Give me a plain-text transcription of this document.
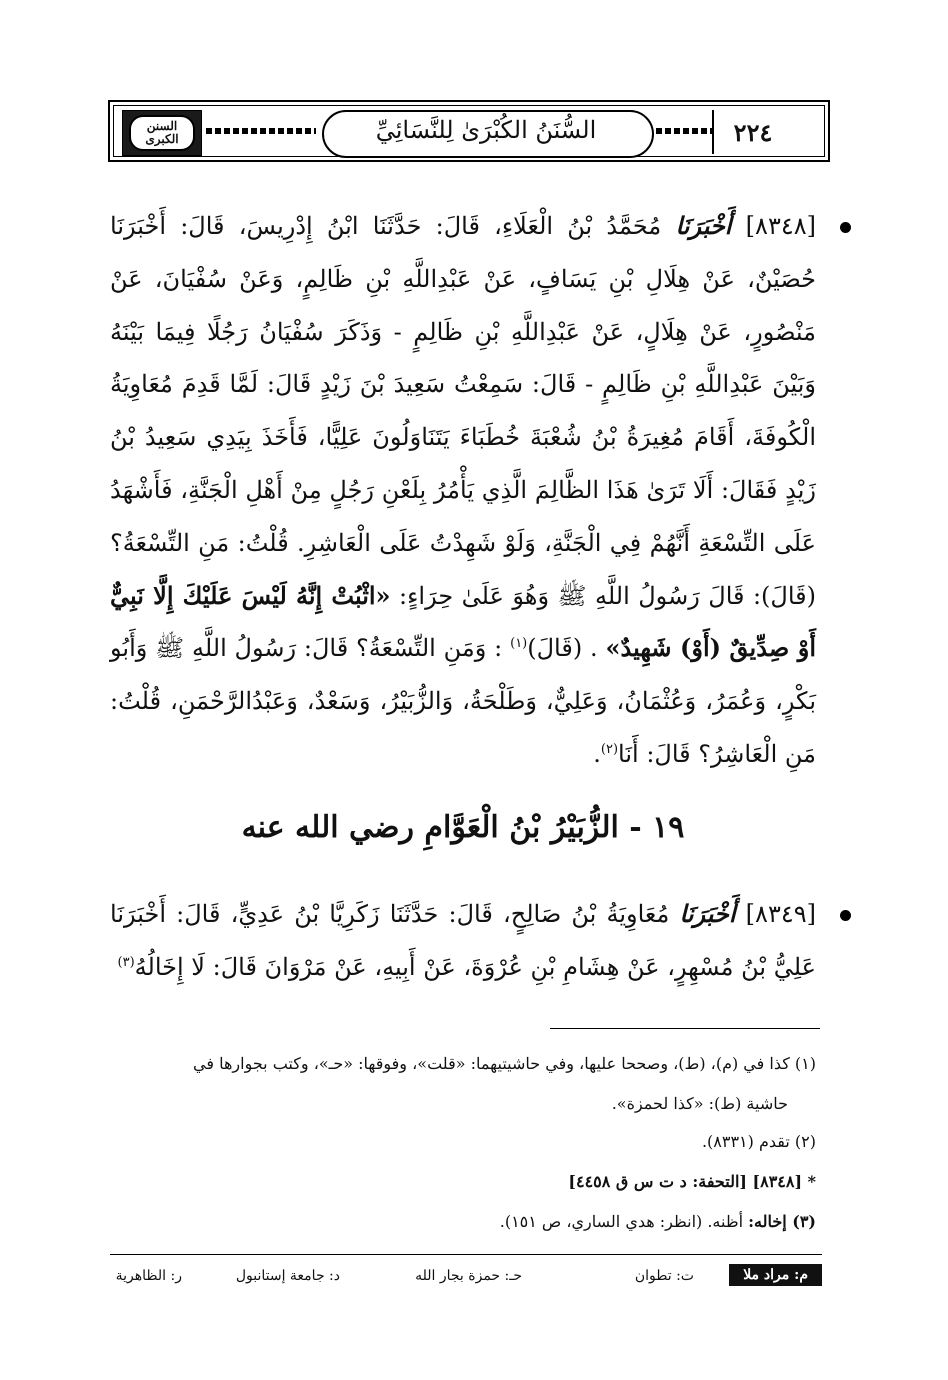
السنن الكبرى	السُّنَنُ الكُبْرَىٰ لِلنَّسَائِيِّ	٢٢٤
[٨٣٤٨] أَخْبَرَنَا مُحَمَّدُ بْنُ الْعَلَاءِ، قَالَ: حَدَّثَنَا ابْنُ إِدْرِيسَ، قَالَ: أَخْبَرَنَا حُصَيْنٌ، عَنْ هِلَالِ بْنِ يَسَافٍ، عَنْ عَبْدِاللَّهِ بْنِ ظَالِمٍ، وَعَنْ سُفْيَانَ، عَنْ مَنْصُورٍ، عَنْ هِلَالٍ، عَنْ عَبْدِاللَّهِ بْنِ ظَالِمٍ - وَذَكَرَ سُفْيَانُ رَجُلًا فِيمَا بَيْنَهُ وَبَيْنَ عَبْدِاللَّهِ بْنِ ظَالِمٍ - قَالَ: سَمِعْتُ سَعِيدَ بْنَ زَيْدٍ قَالَ: لَمَّا قَدِمَ مُعَاوِيَةُ الْكُوفَةَ، أَقَامَ مُغِيرَةُ بْنُ شُعْبَةَ خُطَبَاءَ يَتَنَاوَلُونَ عَلِيًّا، فَأَخَذَ بِيَدِي سَعِيدُ بْنُ زَيْدٍ فَقَالَ: أَلَا تَرَىٰ هَذَا الظَّالِمَ الَّذِي يَأْمُرُ بِلَعْنِ رَجُلٍ مِنْ أَهْلِ الْجَنَّةِ، فَأَشْهَدُ عَلَى التِّسْعَةِ أَنَّهُمْ فِي الْجَنَّةِ، وَلَوْ شَهِدْتُ عَلَى الْعَاشِرِ. قُلْتُ: مَنِ التِّسْعَةُ؟ (قَالَ): قَالَ رَسُولُ اللَّهِ ﷺ وَهُوَ عَلَىٰ حِرَاءٍ: «اثْبُتْ إِنَّهُ لَيْسَ عَلَيْكَ إِلَّا نَبِيٌّ أَوْ صِدِّيقٌ (أَوْ) شَهِيدٌ» . (قَالَ)$^{(١)}$ : وَمَنِ التِّسْعَةُ؟ قَالَ: رَسُولُ اللَّهِ ﷺ وَأَبُو بَكْرٍ، وَعُمَرُ، وَعُثْمَانُ، وَعَلِيٌّ، وَطَلْحَةُ، وَالزُّبَيْرُ، وَسَعْدٌ، وَعَبْدُالرَّحْمَنِ، قُلْتُ: مَنِ الْعَاشِرُ؟ قَالَ: أَنَا$^{(٢)}$.
١٩ - الزُّبَيْرُ بْنُ الْعَوَّامِ رضي الله عنه
[٨٣٤٩] أَخْبَرَنَا مُعَاوِيَةُ بْنُ صَالِحٍ، قَالَ: حَدَّثَنَا زَكَرِيَّا بْنُ عَدِيٍّ، قَالَ: أَخْبَرَنَا عَلِيُّ بْنُ مُسْهِرٍ، عَنْ هِشَامِ بْنِ عُرْوَةَ، عَنْ أَبِيهِ، عَنْ مَرْوَانَ قَالَ: لَا إِخَالُهُ$^{(٣)}$
(١) كذا في (م)، (ط)، وصححا عليها، وفي حاشيتيهما: «قلت»، وفوقها: «حـ»، وكتب بجوارها في
حاشية (ط): «كذا لحمزة».
(٢) تقدم (٨٣٣١).
* [٨٣٤٨] [التحفة: د ت س ق ٤٤٥٨]
(٣) إخاله: أظنه. (انظر: هدي الساري، ص ١٥١).
م: مراد ملا
ت: تطوان
حـ: حمزة بجار الله
د: جامعة إستانبول
ر: الظاهرية
